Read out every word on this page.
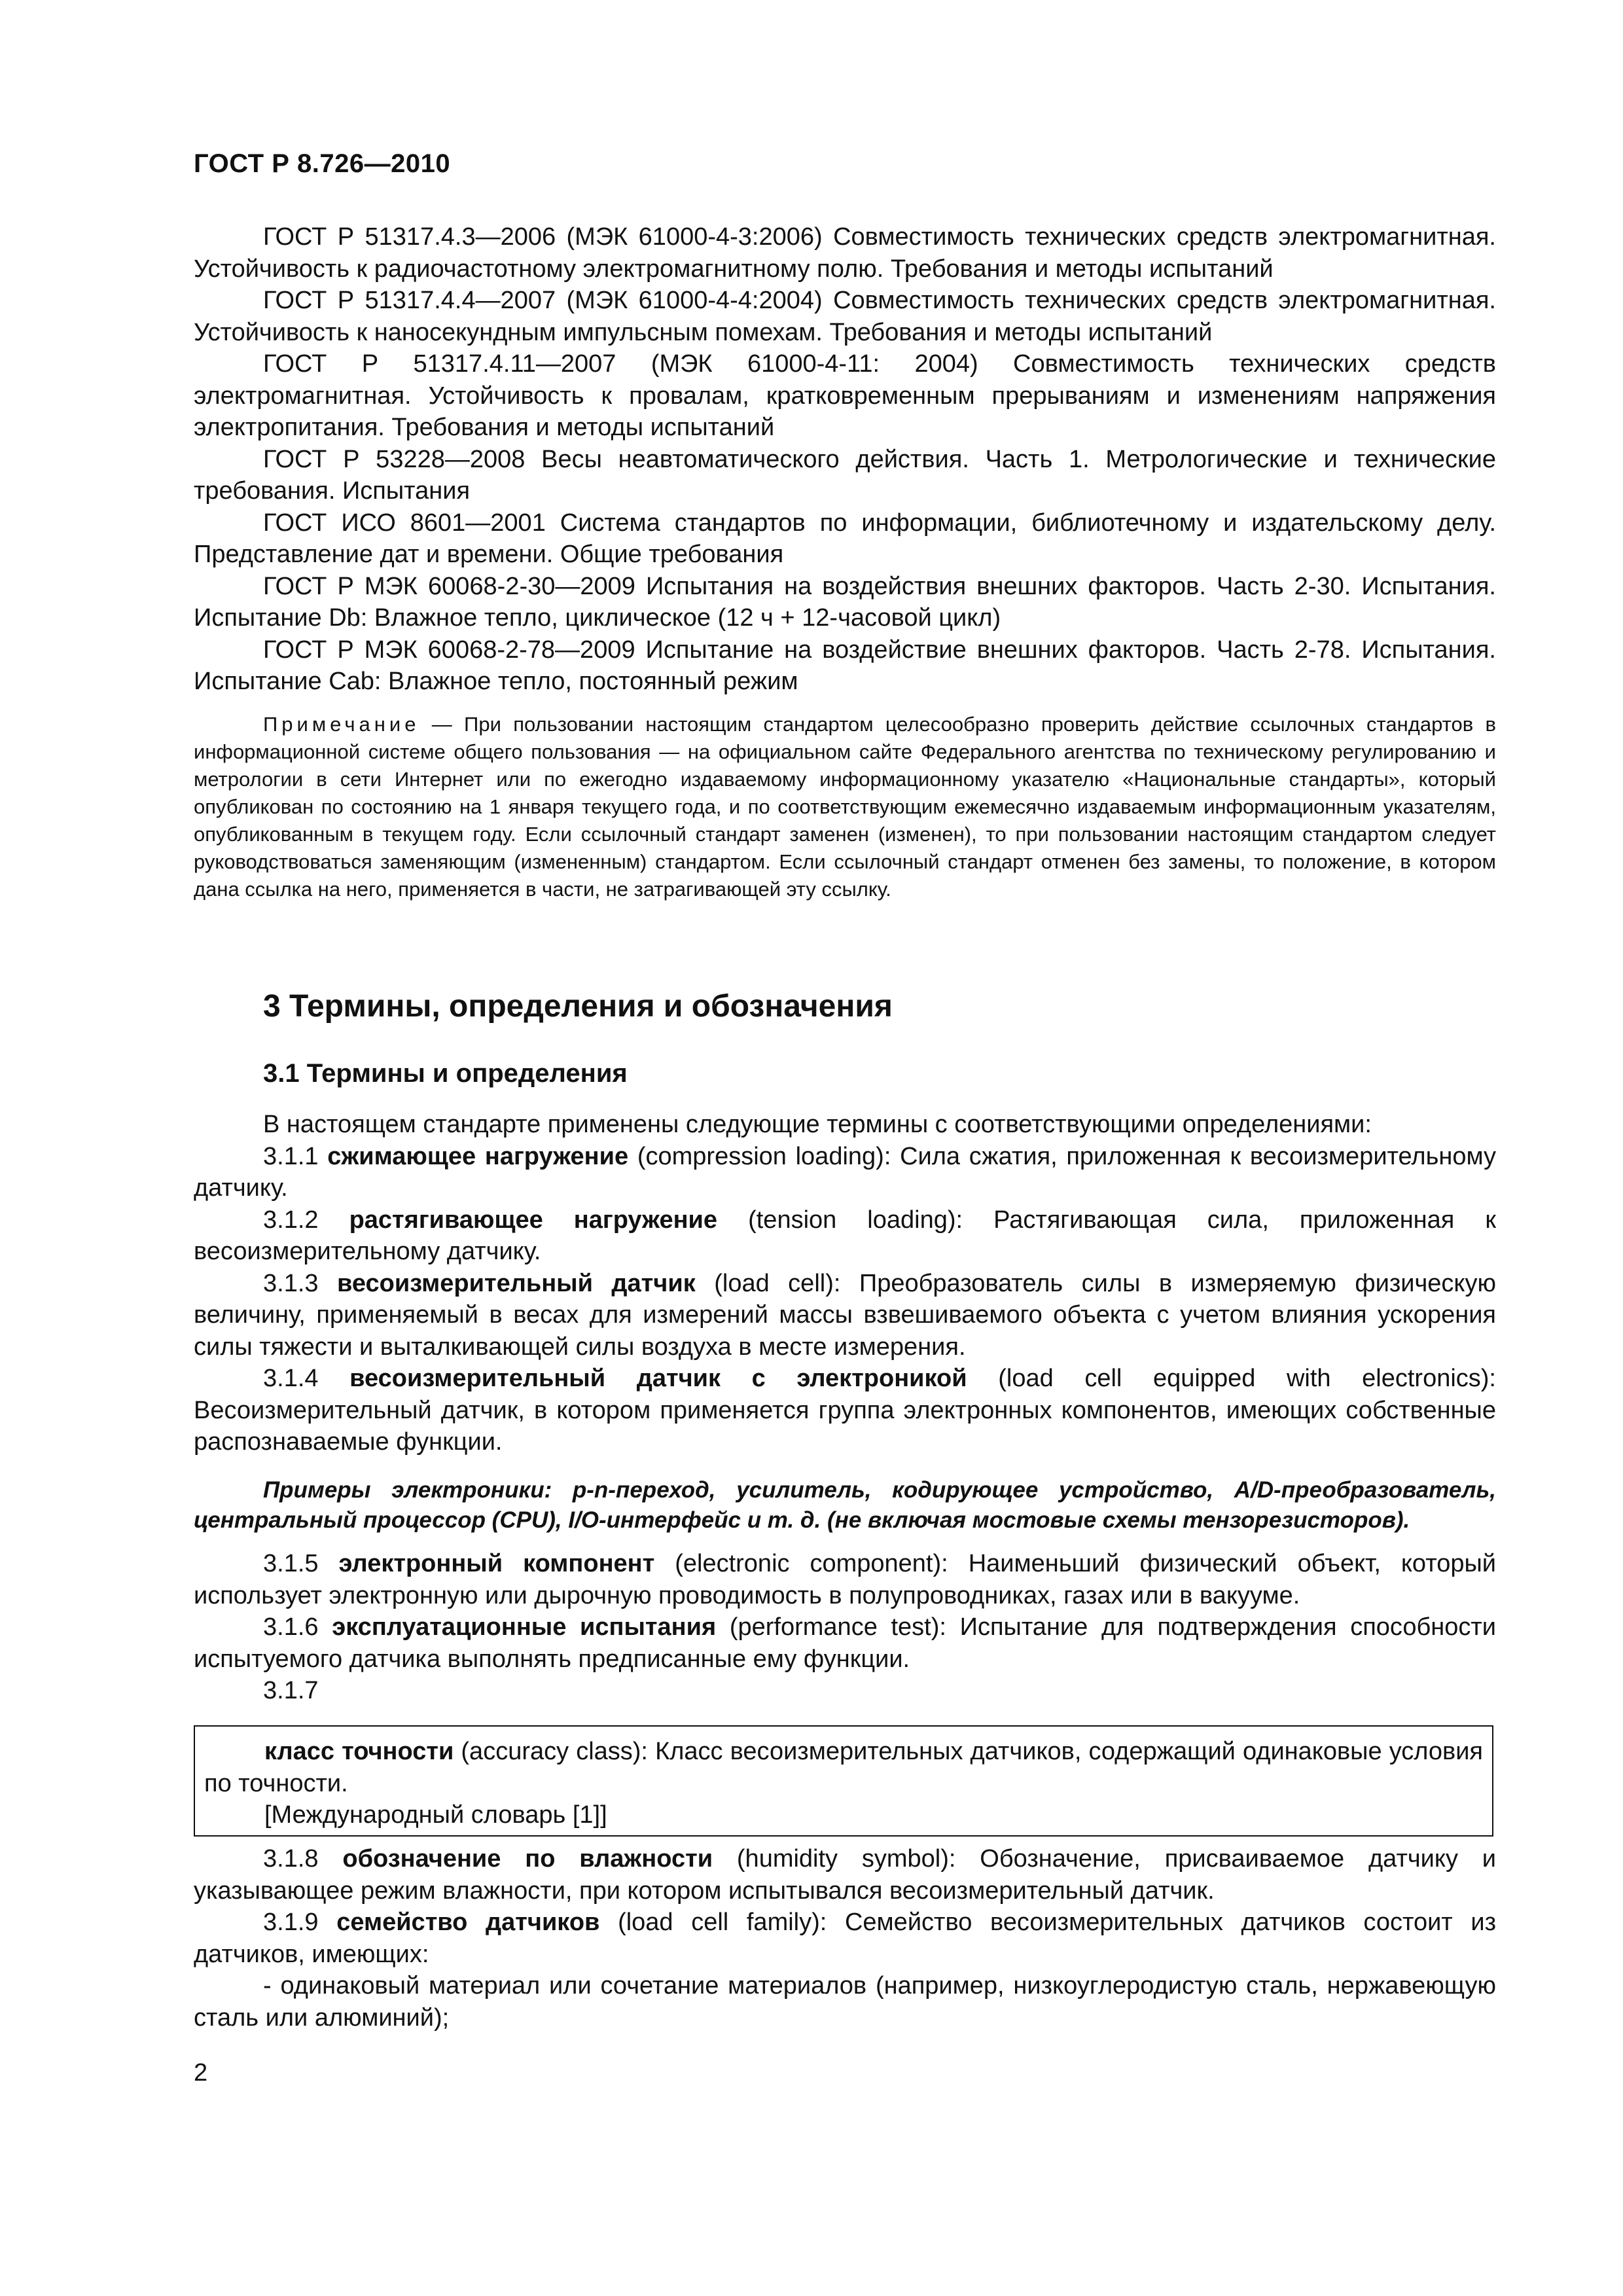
ГОСТ Р 8.726—2010

ГОСТ Р 51317.4.3—2006 (МЭК 61000-4-3:2006) Совместимость технических средств электромагнитная. Устойчивость к радиочастотному электромагнитному полю. Требования и методы испытаний

ГОСТ Р 51317.4.4—2007 (МЭК 61000-4-4:2004) Совместимость технических средств электромагнитная. Устойчивость к наносекундным импульсным помехам. Требования и методы испытаний

ГОСТ Р 51317.4.11—2007 (МЭК 61000-4-11: 2004) Совместимость технических средств электромагнитная. Устойчивость к провалам, кратковременным прерываниям и изменениям напряжения электропитания. Требования и методы испытаний

ГОСТ Р 53228—2008 Весы неавтоматического действия. Часть 1. Метрологические и технические требования. Испытания

ГОСТ ИСО 8601—2001 Система стандартов по информации, библиотечному и издательскому делу. Представление дат и времени. Общие требования

ГОСТ Р МЭК 60068-2-30—2009 Испытания на воздействия внешних факторов. Часть 2-30. Испытания. Испытание Db: Влажное тепло, циклическое (12 ч + 12-часовой цикл)

ГОСТ Р МЭК 60068-2-78—2009 Испытание на воздействие внешних факторов. Часть 2-78. Испытания. Испытание Cab: Влажное тепло, постоянный режим

Примечание — При пользовании настоящим стандартом целесообразно проверить действие ссылочных стандартов в информационной системе общего пользования — на официальном сайте Федерального агентства по техническому регулированию и метрологии в сети Интернет или по ежегодно издаваемому информационному указателю «Национальные стандарты», который опубликован по состоянию на 1 января текущего года, и по соответствующим ежемесячно издаваемым информационным указателям, опубликованным в текущем году. Если ссылочный стандарт заменен (изменен), то при пользовании настоящим стандартом следует руководствоваться заменяющим (измененным) стандартом. Если ссылочный стандарт отменен без замены, то положение, в котором дана ссылка на него, применяется в части, не затрагивающей эту ссылку.

3 Термины, определения и обозначения
3.1 Термины и определения

В настоящем стандарте применены следующие термины с соответствующими определениями:

3.1.1 сжимающее нагружение (compression loading): Сила сжатия, приложенная к весоизмерительному датчику.

3.1.2 растягивающее нагружение (tension loading): Растягивающая сила, приложенная к весоизмерительному датчику.

3.1.3 весоизмерительный датчик (load cell): Преобразователь силы в измеряемую физическую величину, применяемый в весах для измерений массы взвешиваемого объекта с учетом влияния ускорения силы тяжести и выталкивающей силы воздуха в месте измерения.

3.1.4 весоизмерительный датчик с электроникой (load cell equipped with electronics): Весоизмерительный датчик, в котором применяется группа электронных компонентов, имеющих собственные распознаваемые функции.

Примеры электроники: p-n-переход, усилитель, кодирующее устройство, A/D-преобразователь, центральный процессор (CPU), I/O-интерфейс и т. д. (не включая мостовые схемы тензорезисторов).

3.1.5 электронный компонент (electronic component): Наименьший физический объект, который использует электронную или дырочную проводимость в полупроводниках, газах или в вакууме.

3.1.6 эксплуатационные испытания (performance test): Испытание для подтверждения способности испытуемого датчика выполнять предписанные ему функции.

3.1.7

класс точности (accuracy class): Класс весоизмерительных датчиков, содержащий одинаковые условия по точности.

[Международный словарь [1]]

3.1.8 обозначение по влажности (humidity symbol): Обозначение, присваиваемое датчику и указывающее режим влажности, при котором испытывался весоизмерительный датчик.

3.1.9 семейство датчиков (load cell family): Семейство весоизмерительных датчиков состоит из датчиков, имеющих:

- одинаковый материал или сочетание материалов (например, низкоуглеродистую сталь, нержавеющую сталь или алюминий);

2
